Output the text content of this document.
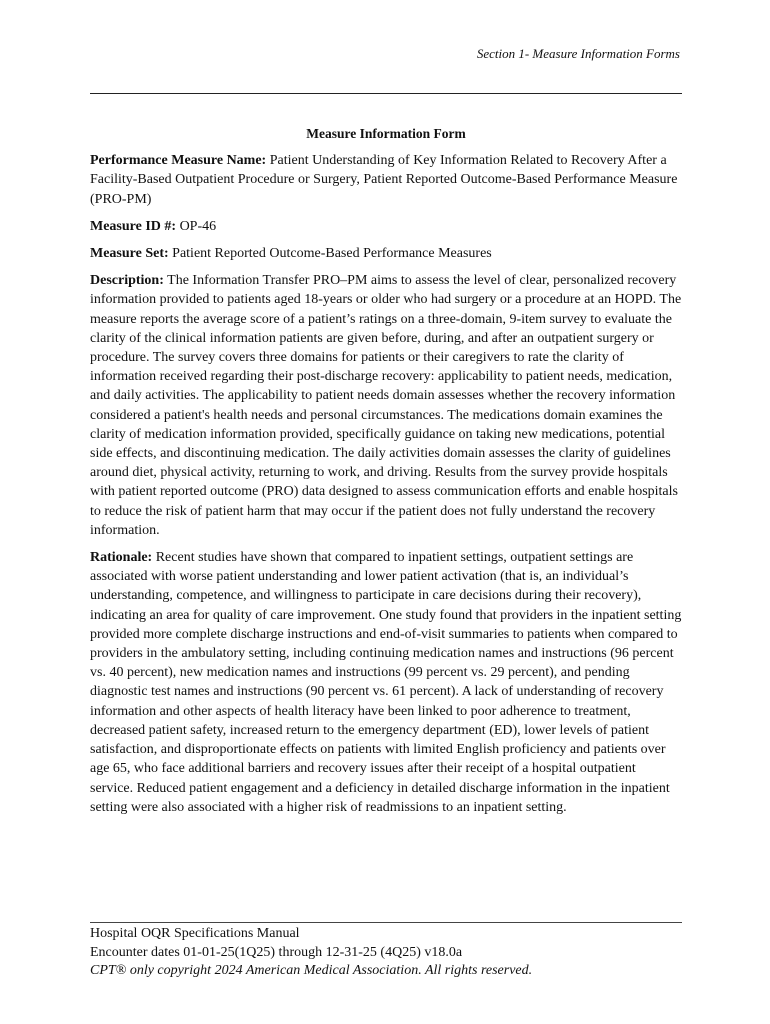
Section 1- Measure Information Forms

Measure Information Form

Performance Measure Name: Patient Understanding of Key Information Related to Recovery After a Facility-Based Outpatient Procedure or Surgery, Patient Reported Outcome-Based Performance Measure (PRO-PM)

Measure ID #: OP-46

Measure Set: Patient Reported Outcome-Based Performance Measures

Description: The Information Transfer PRO–PM aims to assess the level of clear, personalized recovery information provided to patients aged 18-years or older who had surgery or a procedure at an HOPD. The measure reports the average score of a patient’s ratings on a three-domain, 9-item survey to evaluate the clarity of the clinical information patients are given before, during, and after an outpatient surgery or procedure. The survey covers three domains for patients or their caregivers to rate the clarity of information received regarding their post-discharge recovery: applicability to patient needs, medication, and daily activities. The applicability to patient needs domain assesses whether the recovery information considered a patient's health needs and personal circumstances. The medications domain examines the clarity of medication information provided, specifically guidance on taking new medications, potential side effects, and discontinuing medication. The daily activities domain assesses the clarity of guidelines around diet, physical activity, returning to work, and driving. Results from the survey provide hospitals with patient reported outcome (PRO) data designed to assess communication efforts and enable hospitals to reduce the risk of patient harm that may occur if the patient does not fully understand the recovery information.

Rationale: Recent studies have shown that compared to inpatient settings, outpatient settings are associated with worse patient understanding and lower patient activation (that is, an individual’s understanding, competence, and willingness to participate in care decisions during their recovery), indicating an area for quality of care improvement. One study found that providers in the inpatient setting provided more complete discharge instructions and end-of-visit summaries to patients when compared to providers in the ambulatory setting, including continuing medication names and instructions (96 percent vs. 40 percent), new medication names and instructions (99 percent vs. 29 percent), and pending diagnostic test names and instructions (90 percent vs. 61 percent). A lack of understanding of recovery information and other aspects of health literacy have been linked to poor adherence to treatment, decreased patient safety, increased return to the emergency department (ED), lower levels of patient satisfaction, and disproportionate effects on patients with limited English proficiency and patients over age 65, who face additional barriers and recovery issues after their receipt of a hospital outpatient service. Reduced patient engagement and a deficiency in detailed discharge information in the inpatient setting were also associated with a higher risk of readmissions to an inpatient setting.

Hospital OQR Specifications Manual
Encounter dates 01-01-25(1Q25) through 12-31-25 (4Q25) v18.0a
CPT® only copyright 2024 American Medical Association. All rights reserved.
